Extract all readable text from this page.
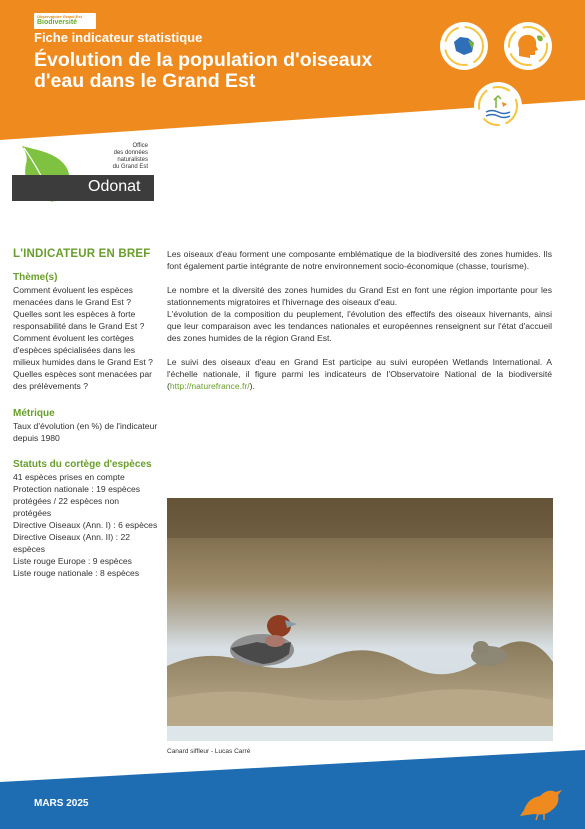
Observatoire Grand Est
Biodiversité
Fiche indicateur statistique
Évolution de la population d'oiseaux d'eau dans le Grand Est
Office
des données
naturalistes
du Grand Est
Odonat
L'INDICATEUR EN BREF
Thème(s)

Comment évoluent les espèces menacées dans le Grand Est ?

Quelles sont les espèces à forte responsabilité dans le Grand Est ?

Comment évoluent les cortèges d'espèces spécialisées dans les milieux humides dans le Grand Est ?

Quelles espèces sont menacées par des prélèvements ?

Métrique
Taux d'évolution (en %) de l'indicateur depuis 1980
Statuts du cortège d'espèces

41 espèces prises en compte

Protection nationale : 19 espèces protégées / 22 espèces non protégées

Directive Oiseaux (Ann. I) : 6 espèces

Directive Oiseaux (Ann. II) : 22 espèces

Liste rouge Europe : 9 espèces

Liste rouge nationale : 8 espèces

Les oiseaux d'eau forment une composante emblématique de la biodiversité des zones humides. Ils font également partie intégrante de notre environnement socio-économique (chasse, tourisme).

Le nombre et la diversité des zones humides du Grand Est en font une région importante pour les stationnements migratoires et l'hivernage des oiseaux d'eau.

L'évolution de la composition du peuplement, l'évolution des effectifs des oiseaux hivernants, ainsi que leur comparaison avec les tendances nationales et européennes renseignent sur l'état d'accueil des zones humides de la région Grand Est.

Le suivi des oiseaux d'eau en Grand Est participe au suivi européen Wetlands International. A l'échelle nationale, il figure parmi les indicateurs de l'Observatoire National de la biodiversité (http://naturefrance.fr/).

Canard siffleur - Lucas Carré
MARS 2025
